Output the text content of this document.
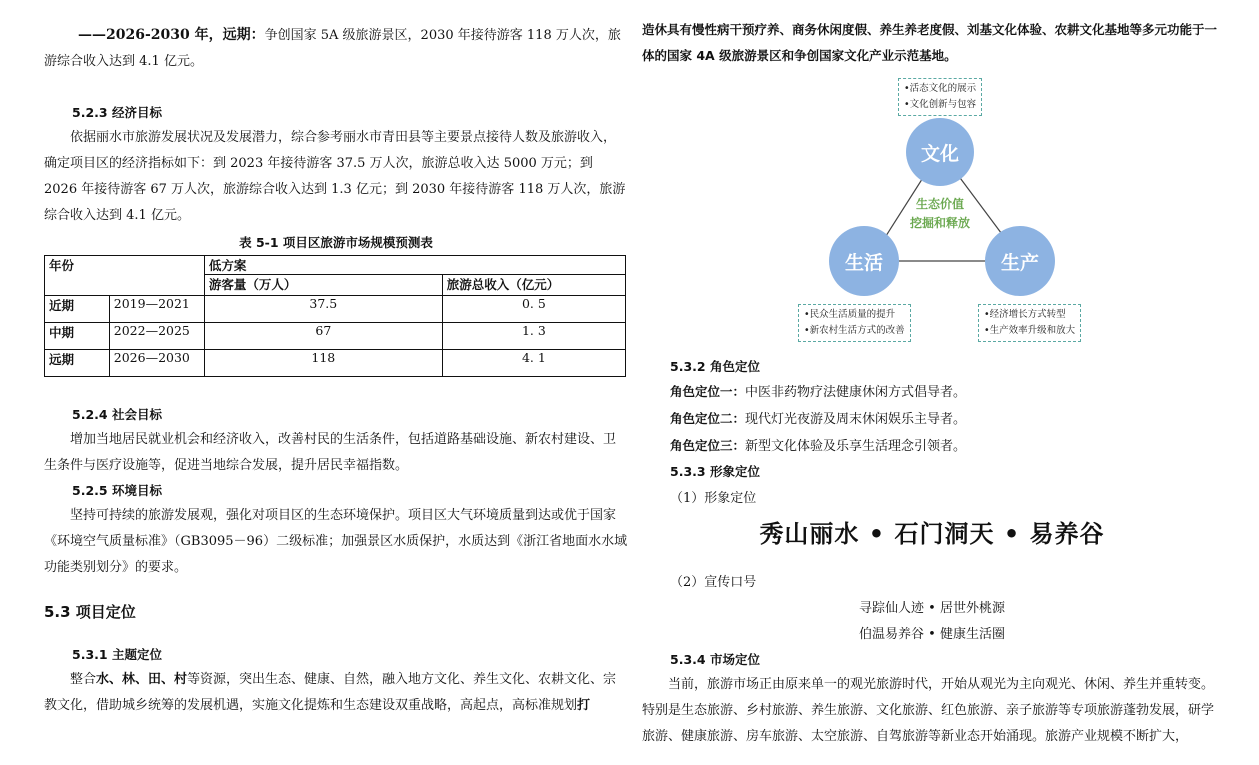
——2026-2030 年，远期：争创国家 5A 级旅游景区，2030 年接待游客 118 万人次，旅游综合收入达到 4.1 亿元。

5.2.3 经济目标

依据丽水市旅游发展状况及发展潜力，综合参考丽水市青田县等主要景点接待人数及旅游收入，确定项目区的经济指标如下：到 2023 年接待游客 37.5 万人次，旅游总收入达 5000 万元；到 2026 年接待游客 67 万人次，旅游综合收入达到 1.3 亿元；到 2030 年接待游客 118 万人次，旅游综合收入达到 4.1 亿元。

表 5-1 项目区旅游市场规模预测表
年份		低方案	
		游客量（万人）	旅游总收入（亿元）
近期	2019—2021	37.5	0. 5
中期	2022—2025	67	1. 3
远期	2026—2030	118	4. 1
5.2.4 社会目标

增加当地居民就业机会和经济收入，改善村民的生活条件，包括道路基础设施、新农村建设、卫生条件与医疗设施等，促进当地综合发展，提升居民幸福指数。

5.2.5 环境目标

坚持可持续的旅游发展观，强化对项目区的生态环境保护。项目区大气环境质量到达或优于国家《环境空气质量标准》（GB3095－96）二级标准；加强景区水质保护，水质达到《浙江省地面水水域功能类别划分》的要求。

5.3 项目定位
5.3.1 主题定位

整合水、林、田、村等资源，突出生态、健康、自然，融入地方文化、养生文化、农耕文化、宗教文化，借助城乡统筹的发展机遇，实施文化提炼和生态建设双重战略，高起点，高标准规划打

造休具有慢性病干预疗养、商务休闲度假、养生养老度假、刘基文化体验、农耕文化基地等多元功能于一体的国家 4A 级旅游景区和争创国家文化产业示范基地。

文化
生活	生产
生态价值
挖掘和释放
•活态文化的展示
•文化创新与包容
•民众生活质量的提升
•新农村生活方式的改善
•经济增长方式转型
•生产效率升级和放大
5.3.2 角色定位

角色定位一：中医非药物疗法健康休闲方式倡导者。

角色定位二：现代灯光夜游及周末休闲娱乐主导者。

角色定位三：新型文化体验及乐享生活理念引领者。

5.3.3 形象定位

（1）形象定位

秀山丽水 • 石门洞天 • 易养谷

（2）宣传口号

寻踪仙人迹 • 居世外桃源

伯温易养谷 • 健康生活圈

5.3.4 市场定位

当前，旅游市场正由原来单一的观光旅游时代，开始从观光为主向观光、休闲、养生并重转变。特别是生态旅游、乡村旅游、养生旅游、文化旅游、红色旅游、亲子旅游等专项旅游蓬勃发展，研学旅游、健康旅游、房车旅游、太空旅游、自驾旅游等新业态开始涌现。旅游产业规模不断扩大，
